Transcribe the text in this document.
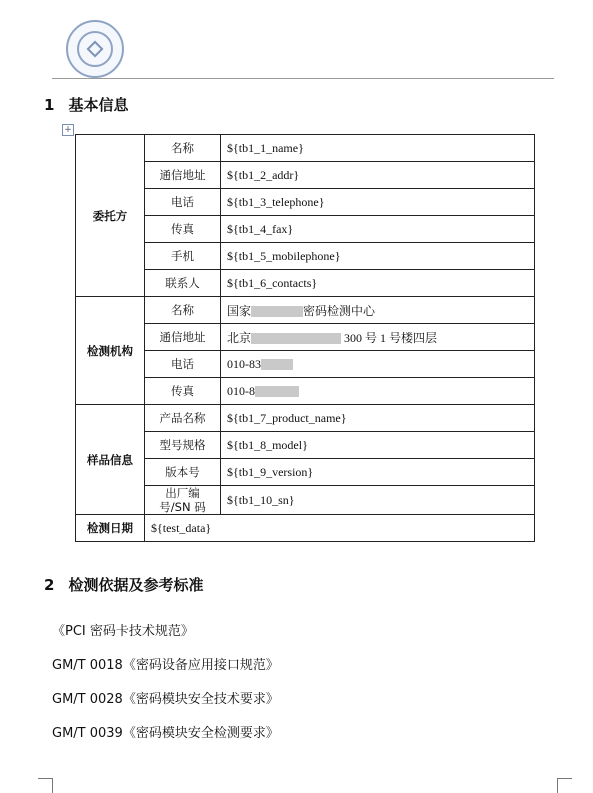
1 基本信息
+
委托方	名称	${tb1_1_name}
	通信地址	${tb1_2_addr}
	电话	${tb1_3_telephone}
	传真	${tb1_4_fax}
	手机	${tb1_5_mobilephone}
	联系人	${tb1_6_contacts}
检测机构	名称	国家 密码检测中心
	通信地址	北京 300 号 1 号楼四层
	电话	010-83
	传真	010-8
样品信息	产品名称	${tb1_7_product_name}
	型号规格	${tb1_8_model}
	版本号	${tb1_9_version}
	出厂编号/SN 码	${tb1_10_sn}
检测日期	${test_data}	
2 检测依据及参考标准
《PCI 密码卡技术规范》
GM/T 0018《密码设备应用接口规范》
GM/T 0028《密码模块安全技术要求》
GM/T 0039《密码模块安全检测要求》
